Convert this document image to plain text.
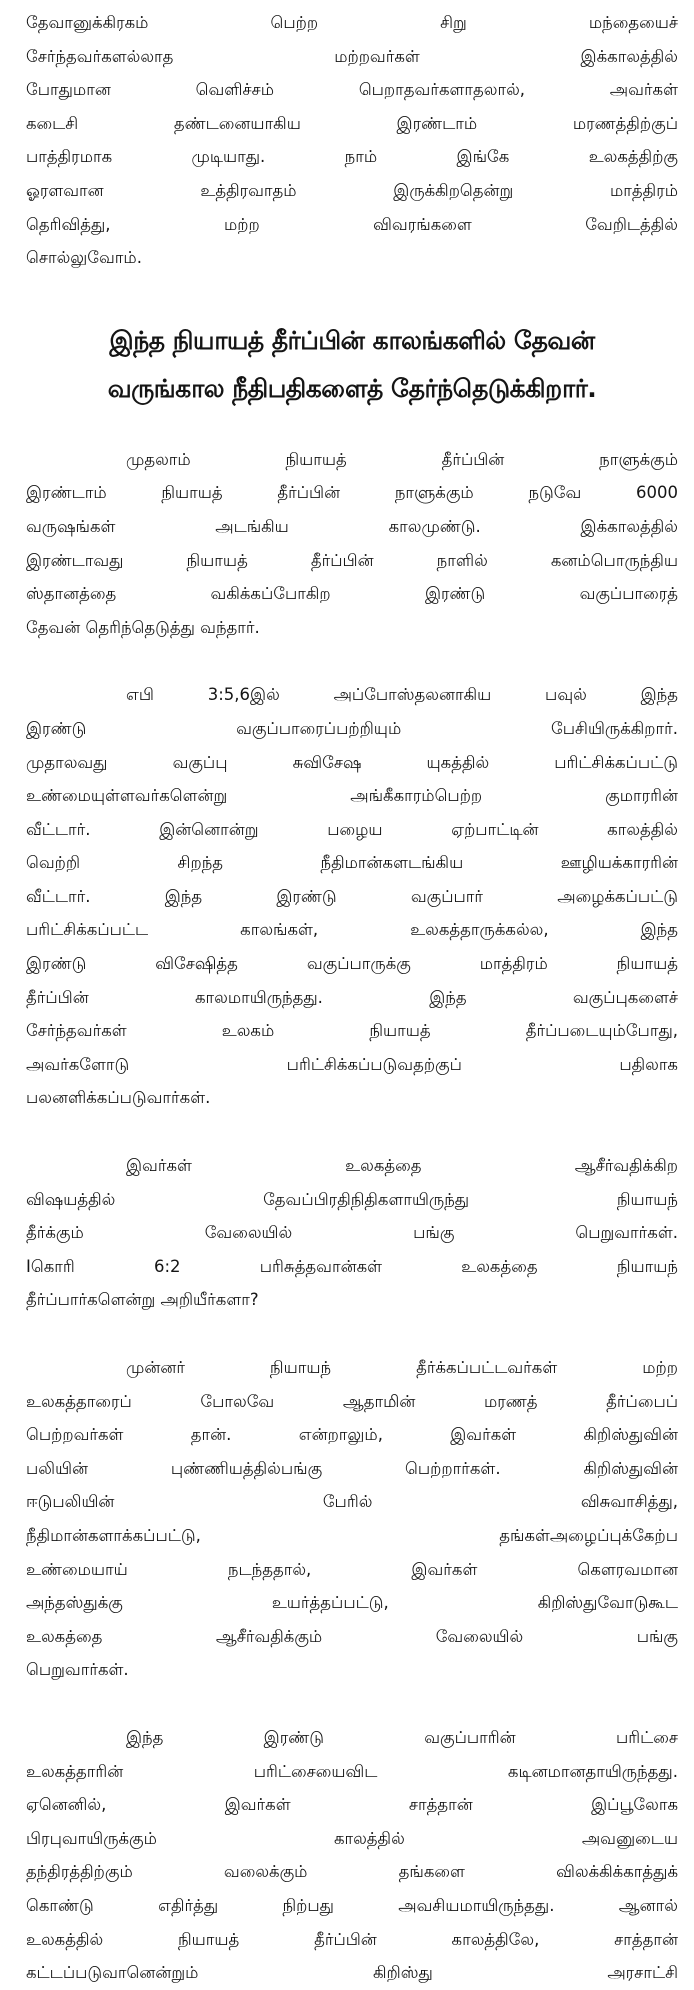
தேவானுக்கிரகம் பெற்ற சிறு மந்தையைச்
சேர்ந்தவர்களல்லாத மற்றவர்கள் இக்காலத்தில்
போதுமான வெளிச்சம் பெறாதவர்களாதலால், அவர்கள்
கடைசி தண்டனையாகிய இரண்டாம் மரணத்திற்குப்
பாத்திரமாக முடியாது. நாம் இங்கே உலகத்திற்கு
ஓரளவான உத்திரவாதம் இருக்கிறதென்று மாத்திரம்
தெரிவித்து, மற்ற விவரங்களை வேறிடத்தில்
சொல்லுவோம்.
இந்த நியாயத் தீர்ப்பின் காலங்களில் தேவன்
வருங்கால நீதிபதிகளைத் தேர்ந்தெடுக்கிறார்.
முதலாம் நியாயத் தீர்ப்பின் நாளுக்கும்
இரண்டாம் நியாயத் தீர்ப்பின் நாளுக்கும் நடுவே 6000
வருஷங்கள் அடங்கிய காலமுண்டு. இக்காலத்தில்
இரண்டாவது நியாயத் தீர்ப்பின் நாளில் கனம்பொருந்திய
ஸ்தானத்தை வகிக்கப்போகிற இரண்டு வகுப்பாரைத்
தேவன் தெரிந்தெடுத்து வந்தார்.
எபி 3:5,6இல் அப்போஸ்தலனாகிய பவுல் இந்த
இரண்டு வகுப்பாரைப்பற்றியும் பேசியிருக்கிறார்.
முதாலவது வகுப்பு சுவிசேஷ யுகத்தில் பரிட்சிக்கப்பட்டு
உண்மையுள்ளவர்களென்று அங்கீகாரம்பெற்ற குமாரரின்
வீட்டார். இன்னொன்று பழைய ஏற்பாட்டின் காலத்தில்
வெற்றி சிறந்த நீதிமான்களடங்கிய ஊழியக்காரரின்
வீட்டார். இந்த இரண்டு வகுப்பார் அழைக்கப்பட்டு
பரிட்சிக்கப்பட்ட காலங்கள், உலகத்தாருக்கல்ல, இந்த
இரண்டு விசேஷித்த வகுப்பாருக்கு மாத்திரம் நியாயத்
தீர்ப்பின் காலமாயிருந்தது. இந்த வகுப்புகளைச்
சேர்ந்தவர்கள் உலகம் நியாயத் தீர்ப்படையும்போது,
அவர்களோடு பரிட்சிக்கப்படுவதற்குப் பதிலாக
பலனளிக்கப்படுவார்கள்.
இவர்கள் உலகத்தை ஆசீர்வதிக்கிற
விஷயத்தில் தேவப்பிரதிநிதிகளாயிருந்து நியாயந்
தீர்க்கும் வேலையில் பங்கு பெறுவார்கள்.
Iகொரி 6:2 பரிசுத்தவான்கள் உலகத்தை நியாயந்
தீர்ப்பார்களென்று அறியீர்களா?
முன்னர் நியாயந் தீர்க்கப்பட்டவர்கள் மற்ற
உலகத்தாரைப் போலவே ஆதாமின் மரணத் தீர்ப்பைப்
பெற்றவர்கள் தான். என்றாலும், இவர்கள் கிறிஸ்துவின்
பலியின் புண்ணியத்தில்பங்கு பெற்றார்கள். கிறிஸ்துவின்
ஈடுபலியின் பேரில் விசுவாசித்து,
நீதிமான்களாக்கப்பட்டு, தங்கள்அழைப்புக்கேற்ப
உண்மையாய் நடந்ததால், இவர்கள் கௌரவமான
அந்தஸ்துக்கு உயர்த்தப்பட்டு, கிறிஸ்துவோடுகூட
உலகத்தை ஆசீர்வதிக்கும் வேலையில் பங்கு
பெறுவார்கள்.
இந்த இரண்டு வகுப்பாரின் பரிட்சை
உலகத்தாரின் பரிட்சையைவிட கடினமானதாயிருந்தது.
ஏனெனில், இவர்கள் சாத்தான் இப்பூலோக
பிரபுவாயிருக்கும் காலத்தில் அவனுடைய
தந்திரத்திற்கும் வலைக்கும் தங்களை விலக்கிக்காத்துக்
கொண்டு எதிர்த்து நிற்பது அவசியமாயிருந்தது. ஆனால்
உலகத்தில் நியாயத் தீர்ப்பின் காலத்திலே, சாத்தான்
கட்டப்படுவானென்றும் கிறிஸ்து அரசாட்சி
